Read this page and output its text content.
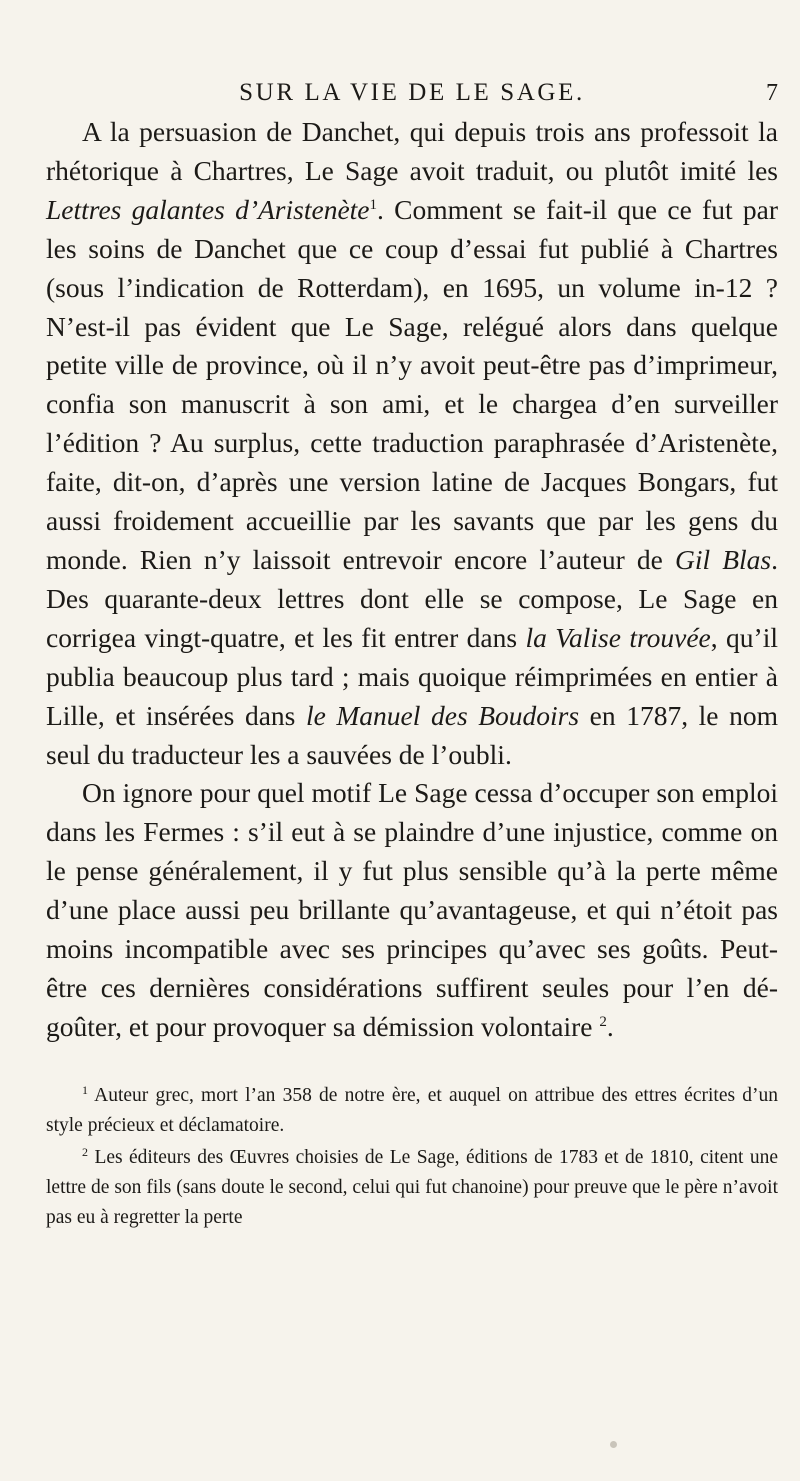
SUR LA VIE DE LE SAGE.	7

A la persuasion de Danchet, qui depuis trois ans professoit la rhétorique à Chartres, Le Sage avoit traduit, ou plutôt imité les Lettres galantes d’Aristenète$^1$. Comment se fait-il que ce fut par les soins de Danchet que ce coup d’essai fut publié à Chartres (sous l’indication de Rotterdam), en 1695, un volume in-12 ? N’est-il pas évident que Le Sage, relégué alors dans quelque petite ville de province, où il n’y avoit peut-être pas d’imprimeur, confia son manuscrit à son ami, et le chargea d’en surveiller l’édition ? Au surplus, cette traduction paraphrasée d’Aristenète, faite, dit-on, d’après une version latine de Jacques Bongars, fut aussi froidement accueillie par les savants que par les gens du monde. Rien n’y laissoit entrevoir encore l’auteur de Gil Blas. Des quarante-deux lettres dont elle se compose, Le Sage en corrigea vingt-quatre, et les fit entrer dans la Valise trouvée, qu’il publia beaucoup plus tard ; mais quoique réimprimées en entier à Lille, et insérées dans le Manuel des Boudoirs en 1787, le nom seul du traducteur les a sauvées de l’oubli.

On ignore pour quel motif Le Sage cessa d’occuper son emploi dans les Fermes : s’il eut à se plaindre d’une injustice, comme on le pense généralement, il y fut plus sensible qu’à la perte même d’une place aussi peu brillante qu’avantageuse, et qui n’étoit pas moins incompatible avec ses principes qu’avec ses goûts. Peut-être ces dernières considérations suffirent seules pour l’en dégoûter, et pour provoquer sa démission volontaire $^2$.

$^1$ Auteur grec, mort l’an 358 de notre ère, et auquel on attribue des ettres écrites d’un style précieux et déclamatoire.

$^2$ Les éditeurs des Œuvres choisies de Le Sage, éditions de 1783 et de 1810, citent une lettre de son fils (sans doute le second, celui qui fut chanoine) pour preuve que le père n’avoit pas eu à regretter la perte
